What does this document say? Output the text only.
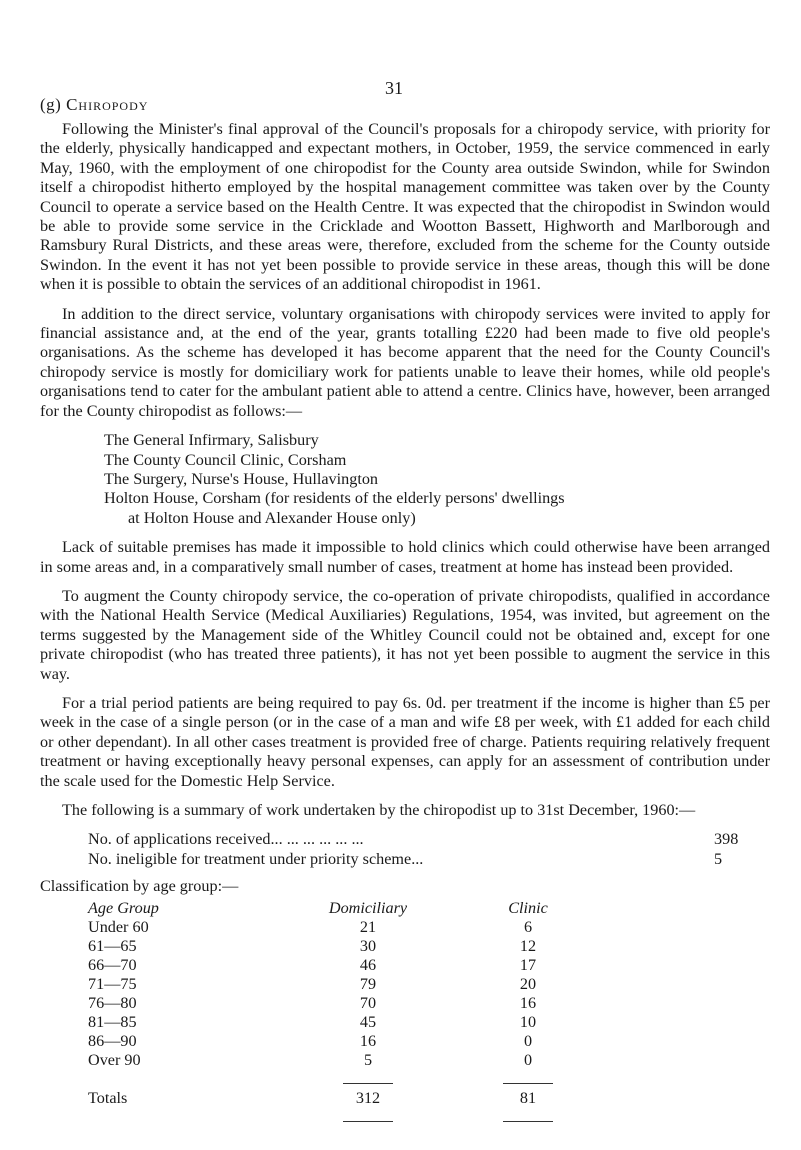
31
(g) Chiropody

Following the Minister's final approval of the Council's proposals for a chiropody service, with priority for the elderly, physically handicapped and expectant mothers, in October, 1959, the service commenced in early May, 1960, with the employment of one chiropodist for the County area outside Swindon, while for Swindon itself a chiropodist hitherto employed by the hospital management committee was taken over by the County Council to operate a service based on the Health Centre. It was expected that the chiropodist in Swindon would be able to provide some service in the Cricklade and Wootton Bassett, Highworth and Marlborough and Ramsbury Rural Districts, and these areas were, therefore, excluded from the scheme for the County outside Swindon. In the event it has not yet been possible to provide service in these areas, though this will be done when it is possible to obtain the services of an additional chiropodist in 1961.

In addition to the direct service, voluntary organisations with chiropody services were invited to apply for financial assistance and, at the end of the year, grants totalling £220 had been made to five old people's organisations. As the scheme has developed it has become apparent that the need for the County Council's chiropody service is mostly for domiciliary work for patients unable to leave their homes, while old people's organisations tend to cater for the ambulant patient able to attend a centre. Clinics have, however, been arranged for the County chiropodist as follows:—

The General Infirmary, Salisbury
The County Council Clinic, Corsham
The Surgery, Nurse's House, Hullavington
Holton House, Corsham (for residents of the elderly persons' dwellings
at Holton House and Alexander House only)

Lack of suitable premises has made it impossible to hold clinics which could otherwise have been arranged in some areas and, in a comparatively small number of cases, treatment at home has instead been provided.

To augment the County chiropody service, the co-operation of private chiropodists, qualified in accordance with the National Health Service (Medical Auxiliaries) Regulations, 1954, was invited, but agreement on the terms suggested by the Management side of the Whitley Council could not be obtained and, except for one private chiropodist (who has treated three patients), it has not yet been possible to augment the service in this way.

For a trial period patients are being required to pay 6s. 0d. per treatment if the income is higher than £5 per week in the case of a single person (or in the case of a man and wife £8 per week, with £1 added for each child or other dependant). In all other cases treatment is provided free of charge. Patients requiring relatively frequent treatment or having exceptionally heavy personal expenses, can apply for an assessment of contribution under the scale used for the Domestic Help Service.

The following is a summary of work undertaken by the chiropodist up to 31st December, 1960:—

No. of applications received ... ... ... ... ... ...	398
No. ineligible for treatment under priority scheme ...	5
Classification by age group:—
Age Group	Domiciliary	Clinic
Under 60	21	6
61—65	30	12
66—70	46	17
71—75	79	20
76—80	70	16
81—85	45	10
86—90	16	0
Over 90	5	0

Totals	312	81
